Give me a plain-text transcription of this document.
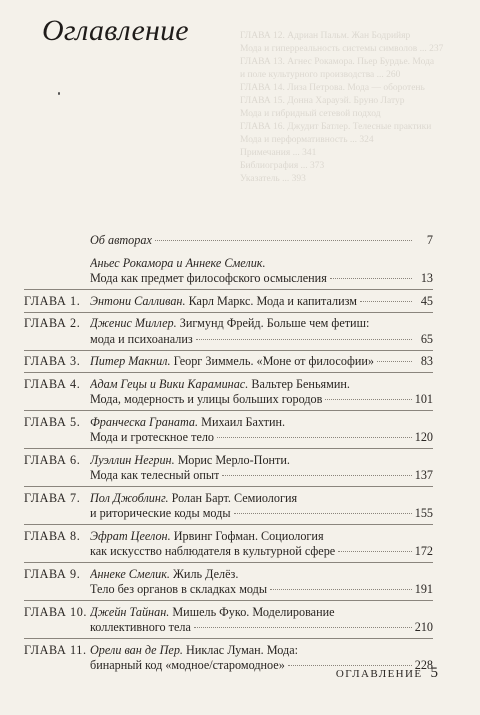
Оглавление	ГЛАВА 12. Адриан Пальм. Жан Бодрийяр
Мода и гиперреальность системы символов ... 237
ГЛАВА 13. Агнес Рокамора. Пьер Бурдье. Мода
и поле культурного производства ... 260
ГЛАВА 14. Лиза Петрова. Мода — оборотень
ГЛАВА 15. Донна Харауэй. Бруно Латур
Мода и гибридный сетевой подход
ГЛАВА 16. Джудит Батлер. Телесные практики
Мода и перформативность ... 324
Примечания ... 341
Библиография ... 373
Указатель ... 393
Об авторах	7
Аньес Рокамора и Аннеке Смелик.
Мода как предмет философского осмысления	13
ГЛАВА 1. Энтони Салливан. Карл Маркс. Мода и капитализм	45
ГЛАВА 2. Дженис Миллер. Зигмунд Фрейд. Больше чем фетиш:
мода и психоанализ	65
ГЛАВА 3. Питер Макнил. Георг Зиммель. «Моне от философии»	83
ГЛАВА 4. Адам Гецы и Вики Караминас. Вальтер Беньямин.
Мода, модерность и улицы больших городов	101
ГЛАВА 5. Франческа Граната. Михаил Бахтин.
Мода и гротескное тело	120
ГЛАВА 6. Луэллин Негрин. Морис Мерло-Понти.
Мода как телесный опыт	137
ГЛАВА 7. Пол Джоблинг. Ролан Барт. Семиология
и риторические коды моды	155
ГЛАВА 8. Эфрат Цеелон. Ирвинг Гофман. Социология
как искусство наблюдателя в культурной сфере	172
ГЛАВА 9. Аннеке Смелик. Жиль Делёз.
Тело без органов в складках моды	191
ГЛАВА 10. Джейн Тайнан. Мишель Фуко. Моделирование
коллективного тела	210
ГЛАВА 11. Орели ван де Пер. Никлас Луман. Мода:
бинарный код «модное/старомодное»	228
ОГЛАВЛЕНИЕ 5
